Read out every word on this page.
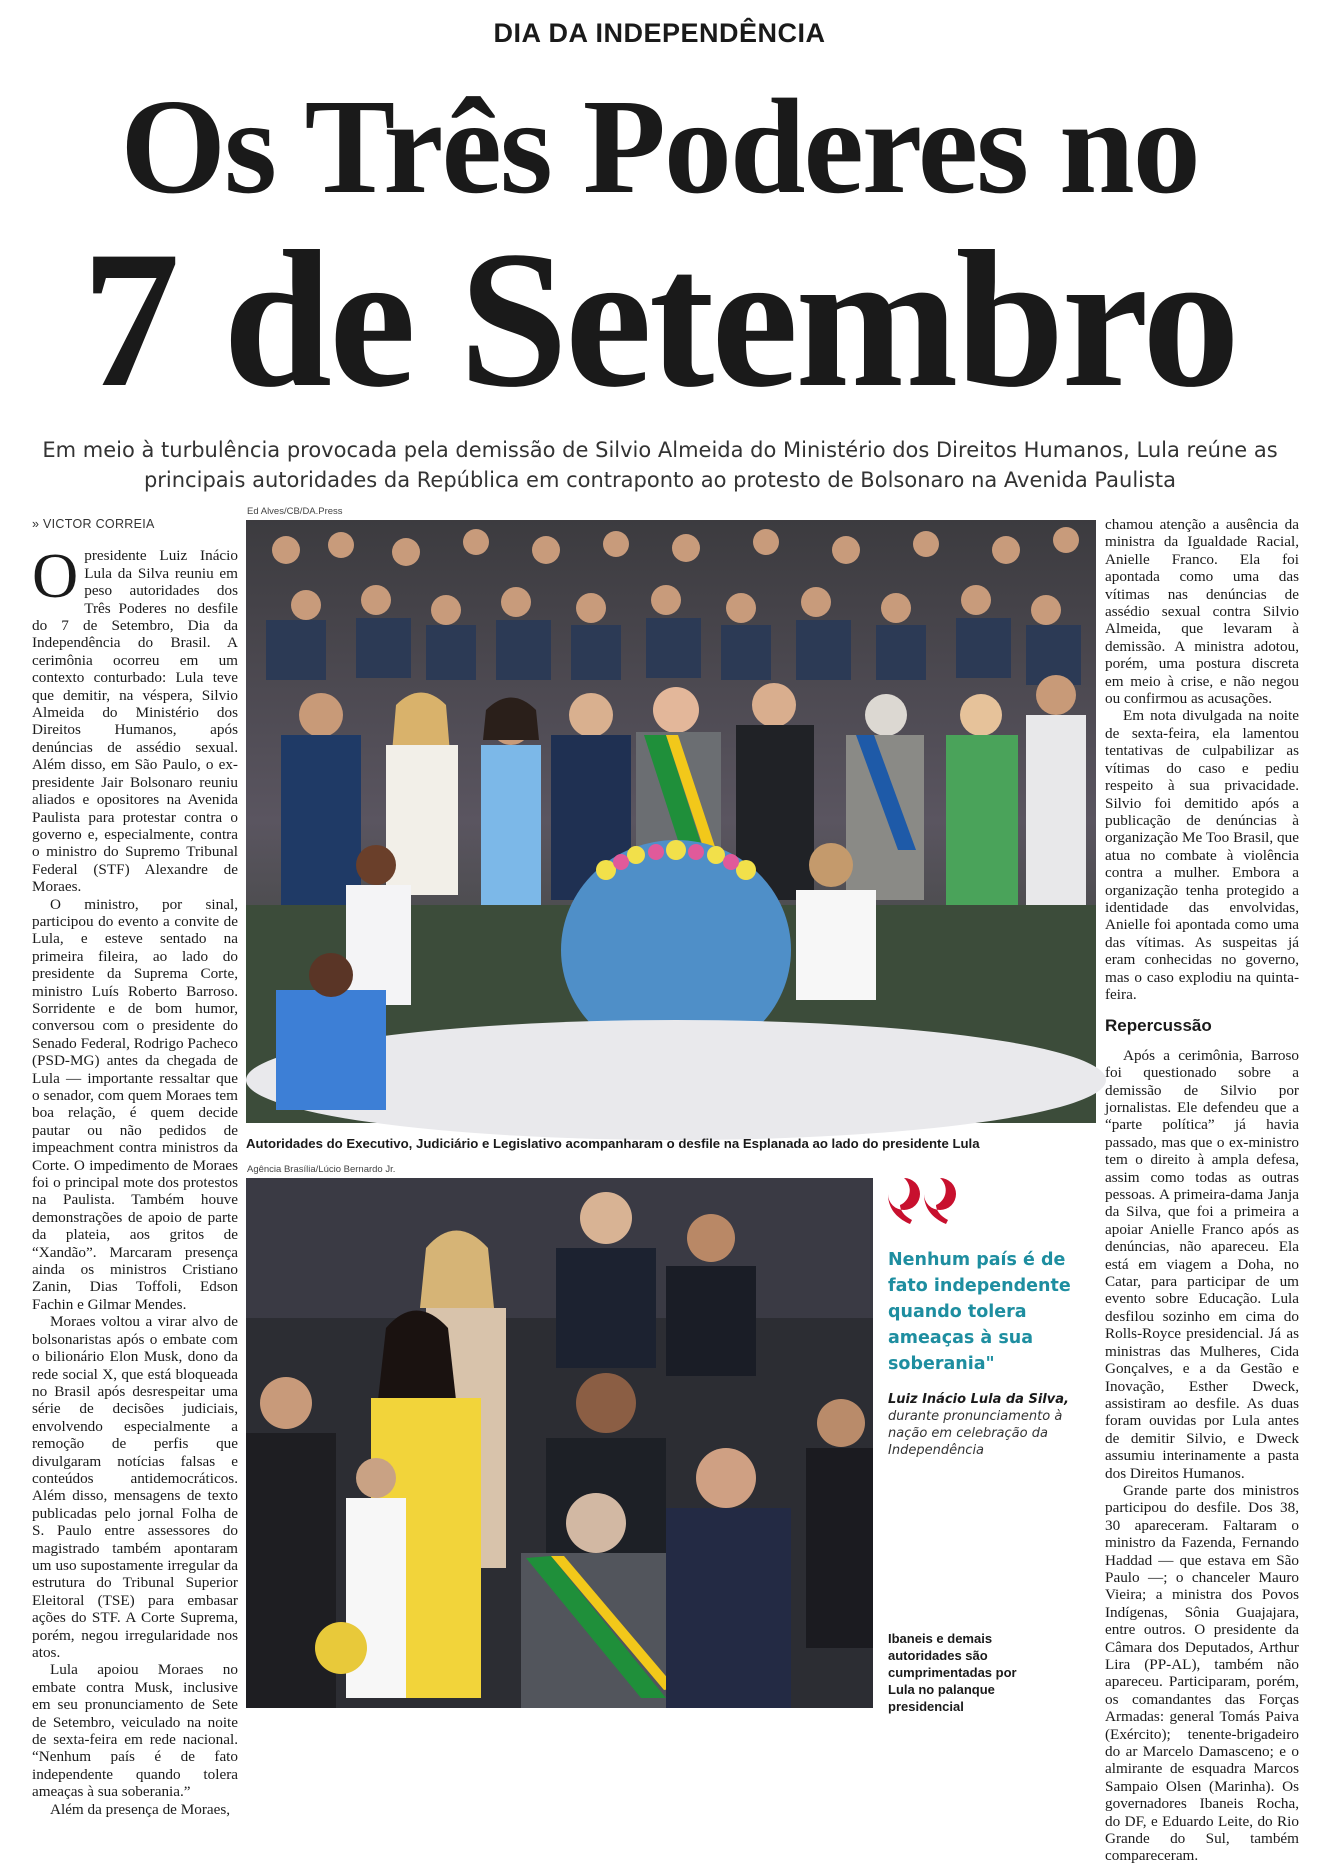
DIA DA INDEPENDÊNCIA
Os Três Poderes no
7 de Setembro
Em meio à turbulência provocada pela demissão de Silvio Almeida do Ministério dos Direitos Humanos, Lula reúne as principais autoridades da República em contraponto ao protesto de Bolsonaro na Avenida Paulista
» VICTOR CORREIA

Opresidente Luiz Inácio Lula da Silva reuniu em peso autoridades dos Três Poderes no desfile do 7 de Setembro, Dia da Independência do Brasil. A cerimônia ocorreu em um contexto conturbado: Lula teve que demitir, na véspera, Silvio Almeida do Ministério dos Direitos Humanos, após denúncias de assédio sexual. Além disso, em São Paulo, o ex-presidente Jair Bolsonaro reuniu aliados e opositores na Avenida Paulista para protestar contra o governo e, especialmente, contra o ministro do Supremo Tribunal Federal (STF) Alexandre de Moraes.

O ministro, por sinal, participou do evento a convite de Lula, e esteve sentado na primeira fileira, ao lado do presidente da Suprema Corte, ministro Luís Roberto Barroso. Sorridente e de bom humor, conversou com o presidente do Senado Federal, Rodrigo Pacheco (PSD-MG) antes da chegada de Lula — importante ressaltar que o senador, com quem Moraes tem boa relação, é quem decide pautar ou não pedidos de impeachment contra ministros da Corte. O impedimento de Moraes foi o principal mote dos protestos na Paulista. Também houve demonstrações de apoio de parte da plateia, aos gritos de “Xandão”. Marcaram presença ainda os ministros Cristiano Zanin, Dias Toffoli, Edson Fachin e Gilmar Mendes.

Moraes voltou a virar alvo de bolsonaristas após o embate com o bilionário Elon Musk, dono da rede social X, que está bloqueada no Brasil após desrespeitar uma série de decisões judiciais, envolvendo especialmente a remoção de perfis que divulgaram notícias falsas e conteúdos antidemocráticos. Além disso, mensagens de texto publicadas pelo jornal Folha de S. Paulo entre assessores do magistrado também apontaram um uso supostamente irregular da estrutura do Tribunal Superior Eleitoral (TSE) para embasar ações do STF. A Corte Suprema, porém, negou irregularidade nos atos.

Lula apoiou Moraes no embate contra Musk, inclusive em seu pronunciamento de Sete de Setembro, veiculado na noite de sexta-feira em rede nacional. “Nenhum país é de fato independente quando tolera ameaças à sua soberania.”

Além da presença de Moraes,

Ed Alves/CB/DA.Press
Autoridades do Executivo, Judiciário e Legislativo acompanharam o desfile na Esplanada ao lado do presidente Lula
Agência Brasília/Lúcio Bernardo Jr.
Nenhum país é de fato independente quando tolera ameaças à sua soberania"
Luiz Inácio Lula da Silva, durante pronunciamento à nação em celebração da Independência
Ibaneis e demais autoridades são cumprimentadas por Lula no palanque presidencial

chamou atenção a ausência da ministra da Igualdade Racial, Anielle Franco. Ela foi apontada como uma das vítimas nas denúncias de assédio sexual contra Silvio Almeida, que levaram à demissão. A ministra adotou, porém, uma postura discreta em meio à crise, e não negou ou confirmou as acusações.

Em nota divulgada na noite de sexta-feira, ela lamentou tentativas de culpabilizar as vítimas do caso e pediu respeito à sua privacidade. Silvio foi demitido após a publicação de denúncias à organização Me Too Brasil, que atua no combate à violência contra a mulher. Embora a organização tenha protegido a identidade das envolvidas, Anielle foi apontada como uma das vítimas. As suspeitas já eram conhecidas no governo, mas o caso explodiu na quinta-feira.

Repercussão

Após a cerimônia, Barroso foi questionado sobre a demissão de Silvio por jornalistas. Ele defendeu que a “parte política” já havia passado, mas que o ex-ministro tem o direito à ampla defesa, assim como todas as outras pessoas. A primeira-dama Janja da Silva, que foi a primeira a apoiar Anielle Franco após as denúncias, não apareceu. Ela está em viagem a Doha, no Catar, para participar de um evento sobre Educação. Lula desfilou sozinho em cima do Rolls-Royce presidencial. Já as ministras das Mulheres, Cida Gonçalves, e a da Gestão e Inovação, Esther Dweck, assistiram ao desfile. As duas foram ouvidas por Lula antes de demitir Silvio, e Dweck assumiu interinamente a pasta dos Direitos Humanos.

Grande parte dos ministros participou do desfile. Dos 38, 30 apareceram. Faltaram o ministro da Fazenda, Fernando Haddad — que estava em São Paulo —; o chanceler Mauro Vieira; a ministra dos Povos Indígenas, Sônia Guajajara, entre outros. O presidente da Câmara dos Deputados, Arthur Lira (PP-AL), também não apareceu. Participaram, porém, os comandantes das Forças Armadas: general Tomás Paiva (Exército); tenente-brigadeiro do ar Marcelo Damasceno; e o almirante de esquadra Marcos Sampaio Olsen (Marinha). Os governadores Ibaneis Rocha, do DF, e Eduardo Leite, do Rio Grande do Sul, também compareceram.
